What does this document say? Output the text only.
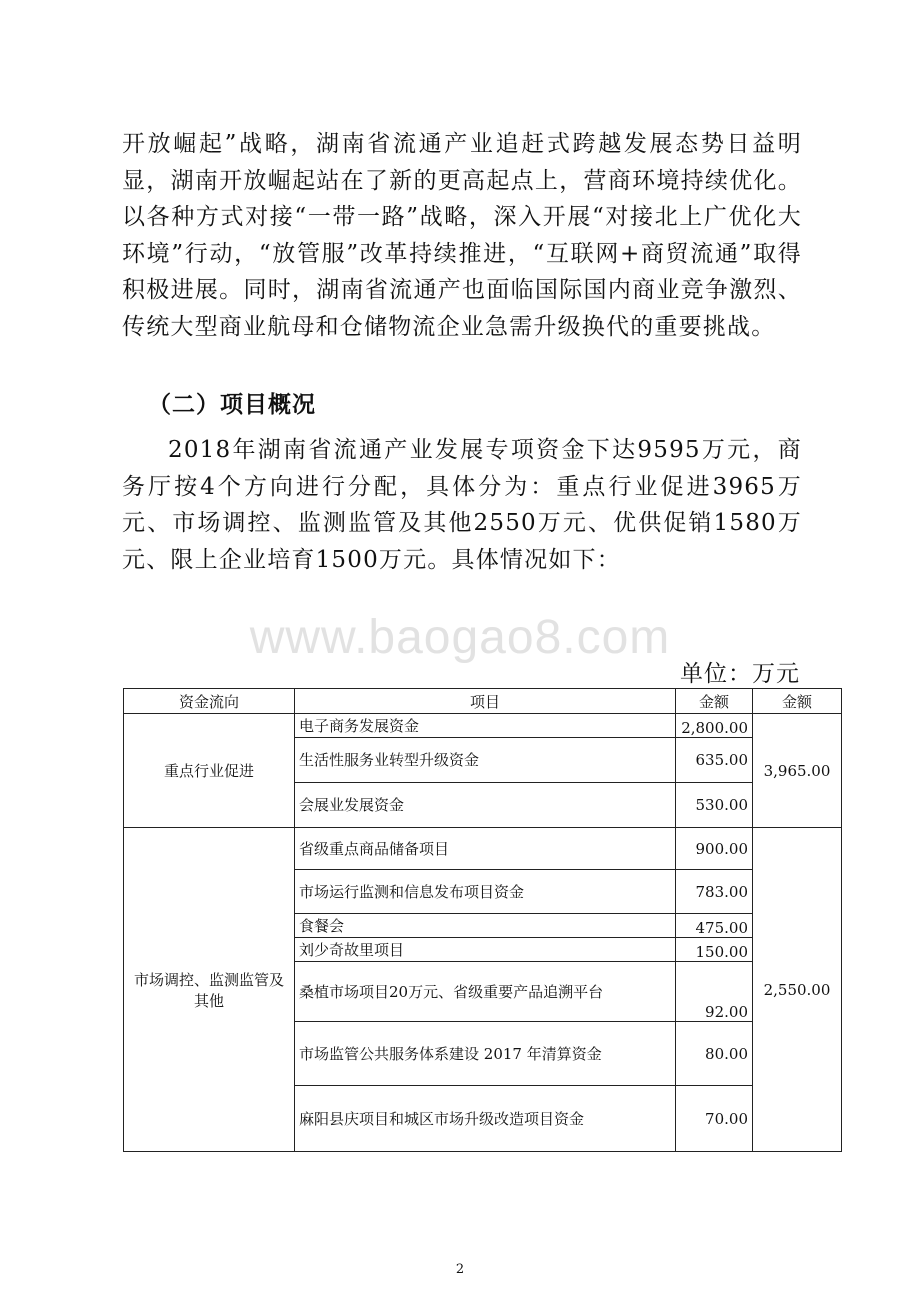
开放崛起”战略，湖南省流通产业追赶式跨越发展态势日益明显，湖南开放崛起站在了新的更高起点上，营商环境持续优化。以各种方式对接“一带一路”战略，深入开展“对接北上广优化大环境”行动，“放管服”改革持续推进，“互联网+商贸流通”取得积极进展。同时，湖南省流通产也面临国际国内商业竞争激烈、传统大型商业航母和仓储物流企业急需升级换代的重要挑战。

（二）项目概况

2018年湖南省流通产业发展专项资金下达9595万元，商务厅按4个方向进行分配，具体分为：重点行业促进3965万元、市场调控、监测监管及其他2550万元、优供促销1580万元、限上企业培育1500万元。具体情况如下：

www.baogao8.com
单位：万元
资金流向	项目	金额	金额
重点行业促进	电子商务发展资金	2,800.00	3,965.00
	生活性服务业转型升级资金	635.00	
	会展业发展资金	530.00	
市场调控、监测监管及其他	省级重点商品储备项目	900.00	2,550.00
	市场运行监测和信息发布项目资金	783.00	
	食餐会	475.00	
	刘少奇故里项目	150.00	
	桑植市场项目20万元、省级重要产品追溯平台	92.00	
	市场监管公共服务体系建设 2017 年清算资金	80.00	
	麻阳县庆项目和城区市场升级改造项目资金	70.00	
2
